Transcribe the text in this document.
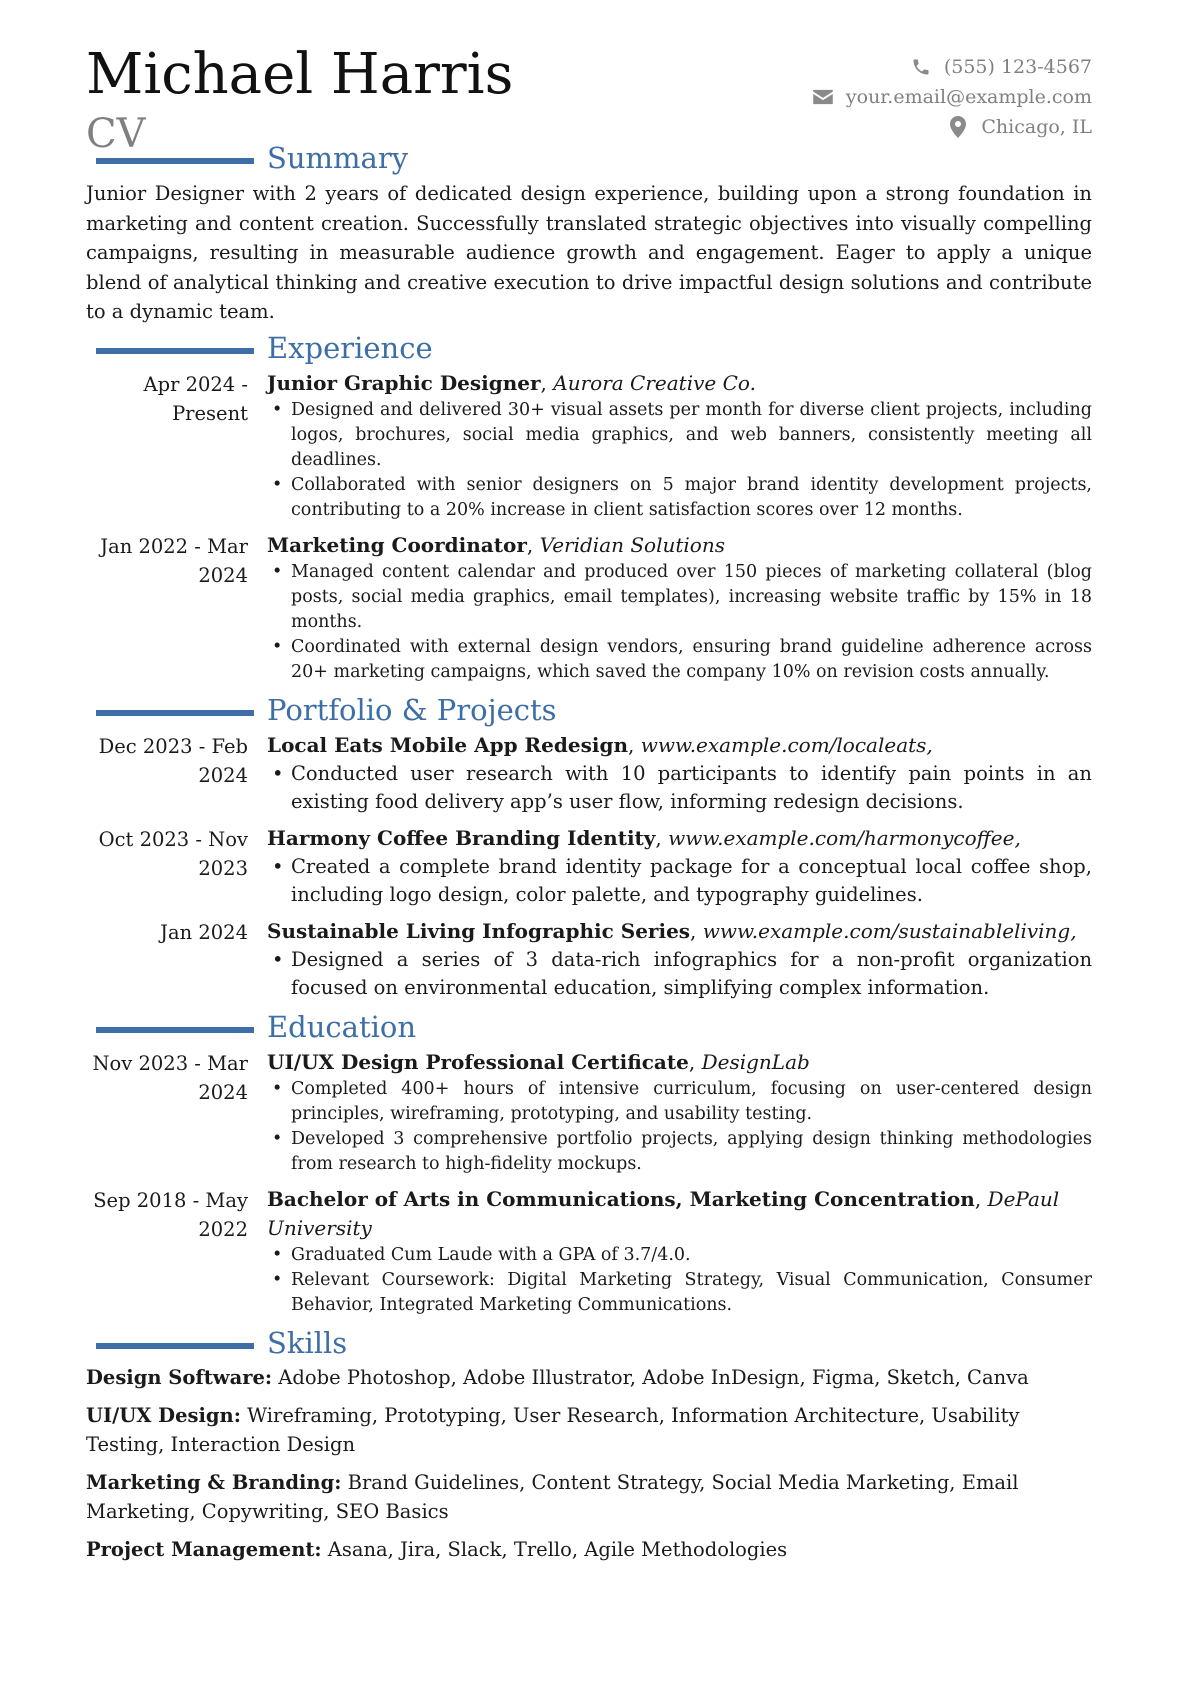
Michael Harris
CV
(555) 123-4567
your.email@example.com
Chicago, IL
Summary

Junior Designer with 2 years of dedicated design experience, building upon a strong foundation in marketing and content creation. Successfully translated strategic objectives into visually compelling campaigns, resulting in measurable audience growth and engagement. Eager to apply a unique blend of analytical thinking and creative execution to drive impactful design solutions and contribute to a dynamic team.

Experience
Apr 2024 - Present
Junior Graphic Designer, Aurora Creative Co.
• Designed and delivered 30+ visual assets per month for diverse client projects, including logos, brochures, social media graphics, and web banners, consistently meeting all deadlines.
• Collaborated with senior designers on 5 major brand identity development projects, contributing to a 20% increase in client satisfaction scores over 12 months.
Jan 2022 - Mar 2024
Marketing Coordinator, Veridian Solutions
• Managed content calendar and produced over 150 pieces of marketing collateral (blog posts, social media graphics, email templates), increasing website traffic by 15% in 18 months.
• Coordinated with external design vendors, ensuring brand guideline adherence across 20+ marketing campaigns, which saved the company 10% on revision costs annually.
Portfolio & Projects
Dec 2023 - Feb 2024
Local Eats Mobile App Redesign, www.example.com/localeats,
• Conducted user research with 10 participants to identify pain points in an existing food delivery app’s user flow, informing redesign decisions.
Oct 2023 - Nov 2023
Harmony Coffee Branding Identity, www.example.com/harmonycoffee,
• Created a complete brand identity package for a conceptual local coffee shop, including logo design, color palette, and typography guidelines.
Jan 2024 Sustainable Living Infographic Series, www.example.com/sustainableliving,
• Designed a series of 3 data-rich infographics for a non-profit organization focused on environmental education, simplifying complex information.
Education
Nov 2023 - Mar 2024
UI/UX Design Professional Certificate, DesignLab
• Completed 400+ hours of intensive curriculum, focusing on user-centered design principles, wireframing, prototyping, and usability testing.
• Developed 3 comprehensive portfolio projects, applying design thinking methodologies from research to high-fidelity mockups.
Sep 2018 - May 2022
Bachelor of Arts in Communications, Marketing Concentration, DePaul University
• Graduated Cum Laude with a GPA of 3.7/4.0.
• Relevant Coursework: Digital Marketing Strategy, Visual Communication, Consumer Behavior, Integrated Marketing Communications.
Skills

Design Software: Adobe Photoshop, Adobe Illustrator, Adobe InDesign, Figma, Sketch, Canva

UI/UX Design: Wireframing, Prototyping, User Research, Information Architecture, Usability Testing, Interaction Design

Marketing & Branding: Brand Guidelines, Content Strategy, Social Media Marketing, Email Marketing, Copywriting, SEO Basics

Project Management: Asana, Jira, Slack, Trello, Agile Methodologies
